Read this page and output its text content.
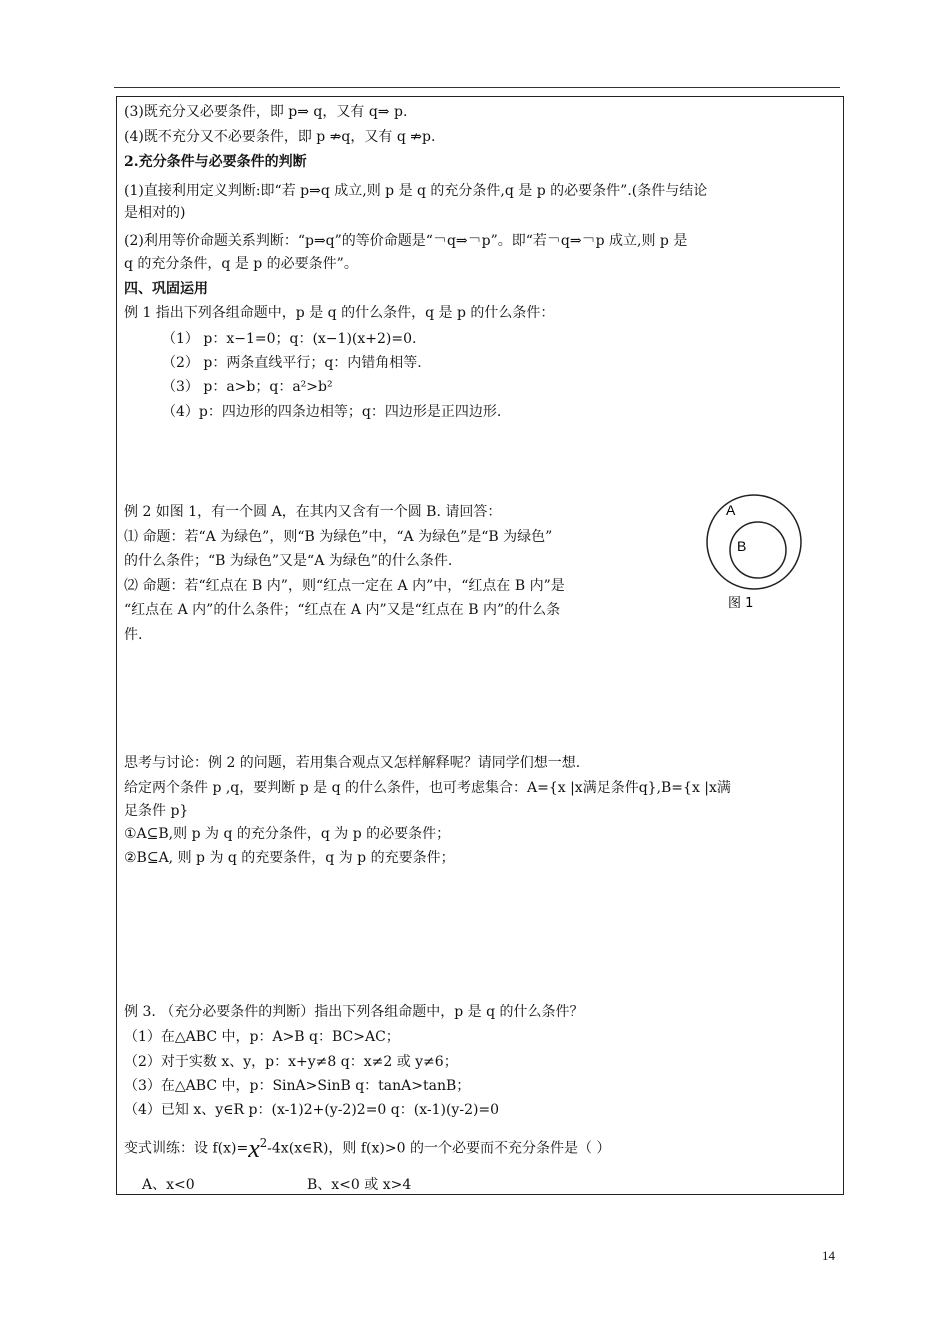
(3)既充分又必要条件，即 p⇒ q，又有 q⇒ p.
(4)既不充分又不必要条件，即 p ⇏q，又有 q ⇏p.
2.充分条件与必要条件的判断
(1)直接利用定义判断:即“若 p⇒q 成立,则 p 是 q 的充分条件,q 是 p 的必要条件”.(条件与结论
是相对的)
(2)利用等价命题关系判断：“p⇒q”的等价命题是“￢q⇒￢p”。即“若￢q⇒￢p 成立,则 p 是
q 的充分条件，q 是 p 的必要条件”。
四、巩固运用
例 1 指出下列各组命题中，p 是 q 的什么条件，q 是 p 的什么条件：
（1） p：x−1=0；q：(x−1)(x+2)=0.
（2） p：两条直线平行；q：内错角相等.
（3） p：a>b；q：a²>b²
（4）p：四边形的四条边相等；q：四边形是正四边形.
例 2 如图 1，有一个圆 A，在其内又含有一个圆 B. 请回答：
⑴ 命题：若“A 为绿色”，则“B 为绿色”中，“A 为绿色”是“B 为绿色”
的什么条件；“B 为绿色”又是“A 为绿色”的什么条件.
⑵ 命题：若“红点在 B 内”，则“红点一定在 A 内”中，“红点在 B 内”是
“红点在 A 内”的什么条件；“红点在 A 内”又是“红点在 B 内”的什么条
件.
思考与讨论：例 2 的问题，若用集合观点又怎样解释呢？请同学们想一想.
给定两个条件 p ,q，要判断 p 是 q 的什么条件，也可考虑集合：A={x |x满足条件q},B={x |x满
足条件 p}
①A⊆B,则 p 为 q 的充分条件，q 为 p 的必要条件；
②B⊆A, 则 p 为 q 的充要条件，q 为 p 的充要条件；
例 3. （充分必要条件的判断）指出下列各组命题中，p 是 q 的什么条件？
（1）在△ABC 中，p：A>B q：BC>AC；
（2）对于实数 x、y，p：x+y≠8 q：x≠2 或 y≠6；
（3）在△ABC 中，p：SinA>SinB q：tanA>tanB；
（4）已知 x、y∈R p：(x-1)2+(y-2)2=0 q：(x-1)(y-2)=0
变式训练：设 $f(x)=x^2-4x(x\in R)$，则 f(x)>0 的一个必要而不充分条件是（ ）
A、x<0	B、x<0 或 x>4
A
B
图 1
14
